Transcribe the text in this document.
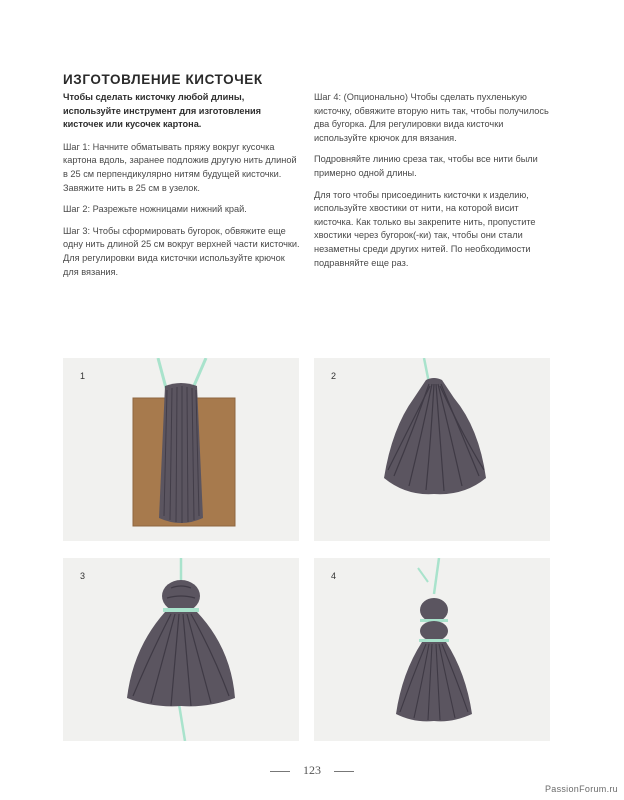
ИЗГОТОВЛЕНИЕ КИСТОЧЕК

Чтобы сделать кисточку любой длины, используйте инструмент для изготовления кисточек или кусочек картона.

Шаг 1: Начните обматывать пряжу вокруг кусочка картона вдоль, заранее подложив другую нить длиной в 25 см перпендикулярно нитям будущей кисточки. Завяжите нить в 25 см в узелок.

Шаг 2: Разрежьте ножницами нижний край.

Шаг 3: Чтобы сформировать бугорок, обвяжите еще одну нить длиной 25 см вокруг верхней части кисточки. Для регулировки вида кисточки используйте крючок для вязания.

Шаг 4: (Опционально) Чтобы сделать пухленькую кисточку, обвяжите вторую нить так, чтобы получилось два бугорка. Для регулировки вида кисточки используйте крючок для вязания.

Подровняйте линию среза так, чтобы все нити были примерно одной длины.

Для того чтобы присоединить кисточки к изделию, используйте хвостики от нити, на которой висит кисточка. Как только вы закрепите нить, пропустите хвостики через бугорок(-ки) так, чтобы они стали незаметны среди других нитей. По необходимости подравняйте еще раз.

1	2
3	4
123
PassionForum.ru
